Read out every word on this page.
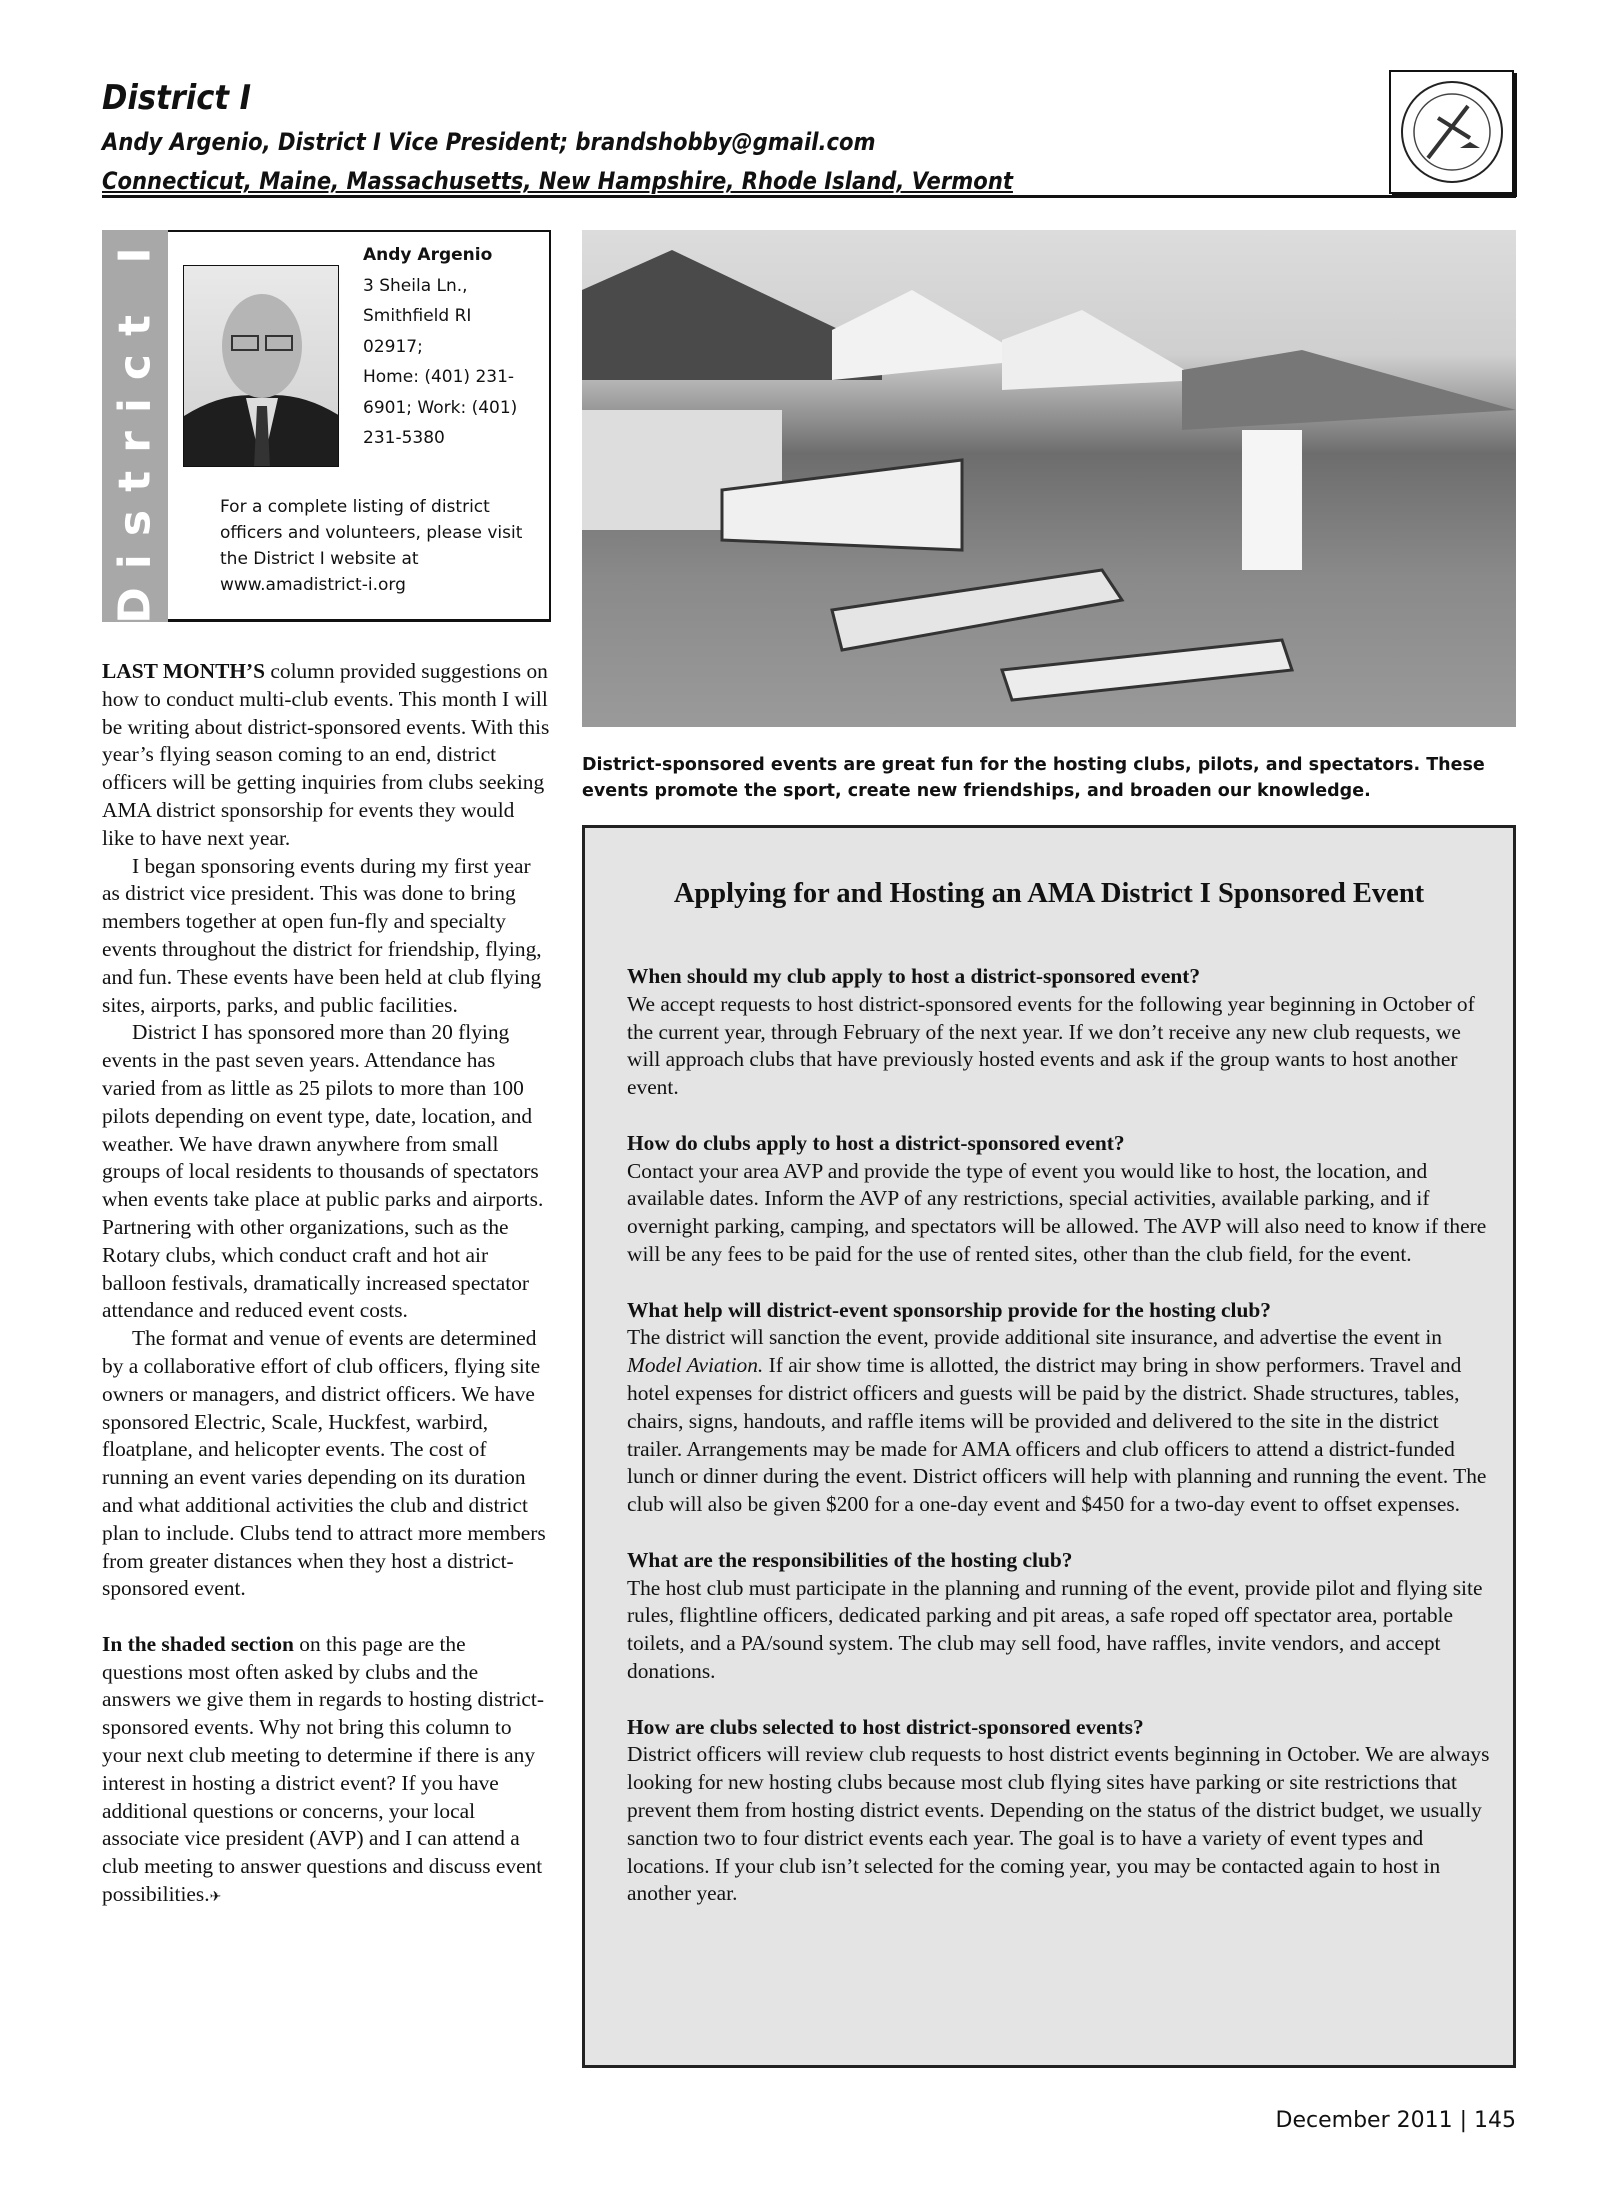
District I
Andy Argenio, District I Vice President; brandshobby@gmail.com
Connecticut, Maine, Massachusetts, New Hampshire, Rhode Island, Vermont
District I	Andy Argenio
3 Sheila Ln.,
Smithfield RI
02917;
Home: (401) 231-
6901; Work: (401)
231-5380
For a complete listing of district officers and volunteers, please visit the District I website at www.amadistrict-i.org
District-sponsored events are great fun for the hosting clubs, pilots, and spectators. These events promote the sport, create new friendships, and broaden our knowledge.

LAST MONTH’S column provided suggestions on how to conduct multi-club events. This month I will be writing about district-sponsored events. With this year’s flying season coming to an end, district officers will be getting inquiries from clubs seeking AMA district sponsorship for events they would like to have next year.

I began sponsoring events during my first year as district vice president. This was done to bring members together at open fun-fly and specialty events throughout the district for friendship, flying, and fun. These events have been held at club flying sites, airports, parks, and public facilities.

District I has sponsored more than 20 flying events in the past seven years. Attendance has varied from as little as 25 pilots to more than 100 pilots depending on event type, date, location, and weather. We have drawn anywhere from small groups of local residents to thousands of spectators when events take place at public parks and airports. Partnering with other organizations, such as the Rotary clubs, which conduct craft and hot air balloon festivals, dramatically increased spectator attendance and reduced event costs.

The format and venue of events are determined by a collaborative effort of club officers, flying site owners or managers, and district officers. We have sponsored Electric, Scale, Huckfest, warbird, floatplane, and helicopter events. The cost of running an event varies depending on its duration and what additional activities the club and district plan to include. Clubs tend to attract more members from greater distances when they host a district-sponsored event.

In the shaded section on this page are the questions most often asked by clubs and the answers we give them in regards to hosting district-sponsored events. Why not bring this column to your next club meeting to determine if there is any interest in hosting a district event? If you have additional questions or concerns, your local associate vice president (AVP) and I can attend a club meeting to answer questions and discuss event possibilities.✈

Applying for and Hosting an AMA District I Sponsored Event
When should my club apply to host a district-sponsored event?
We accept requests to host district-sponsored events for the following year beginning in October of the current year, through February of the next year. If we don’t receive any new club requests, we will approach clubs that have previously hosted events and ask if the group wants to host another event.
How do clubs apply to host a district-sponsored event?
Contact your area AVP and provide the type of event you would like to host, the location, and available dates. Inform the AVP of any restrictions, special activities, available parking, and if overnight parking, camping, and spectators will be allowed. The AVP will also need to know if there will be any fees to be paid for the use of rented sites, other than the club field, for the event.
What help will district-event sponsorship provide for the hosting club?
The district will sanction the event, provide additional site insurance, and advertise the event in Model Aviation. If air show time is allotted, the district may bring in show performers. Travel and hotel expenses for district officers and guests will be paid by the district. Shade structures, tables, chairs, signs, handouts, and raffle items will be provided and delivered to the site in the district trailer. Arrangements may be made for AMA officers and club officers to attend a district-funded lunch or dinner during the event. District officers will help with planning and running the event. The club will also be given $200 for a one-day event and $450 for a two-day event to offset expenses.
What are the responsibilities of the hosting club?
The host club must participate in the planning and running of the event, provide pilot and flying site rules, flightline officers, dedicated parking and pit areas, a safe roped off spectator area, portable toilets, and a PA/sound system. The club may sell food, have raffles, invite vendors, and accept donations.
How are clubs selected to host district-sponsored events?
District officers will review club requests to host district events beginning in October. We are always looking for new hosting clubs because most club flying sites have parking or site restrictions that prevent them from hosting district events. Depending on the status of the district budget, we usually sanction two to four district events each year. The goal is to have a variety of event types and locations. If your club isn’t selected for the coming year, you may be contacted again to host in another year.
December 2011 | 145
